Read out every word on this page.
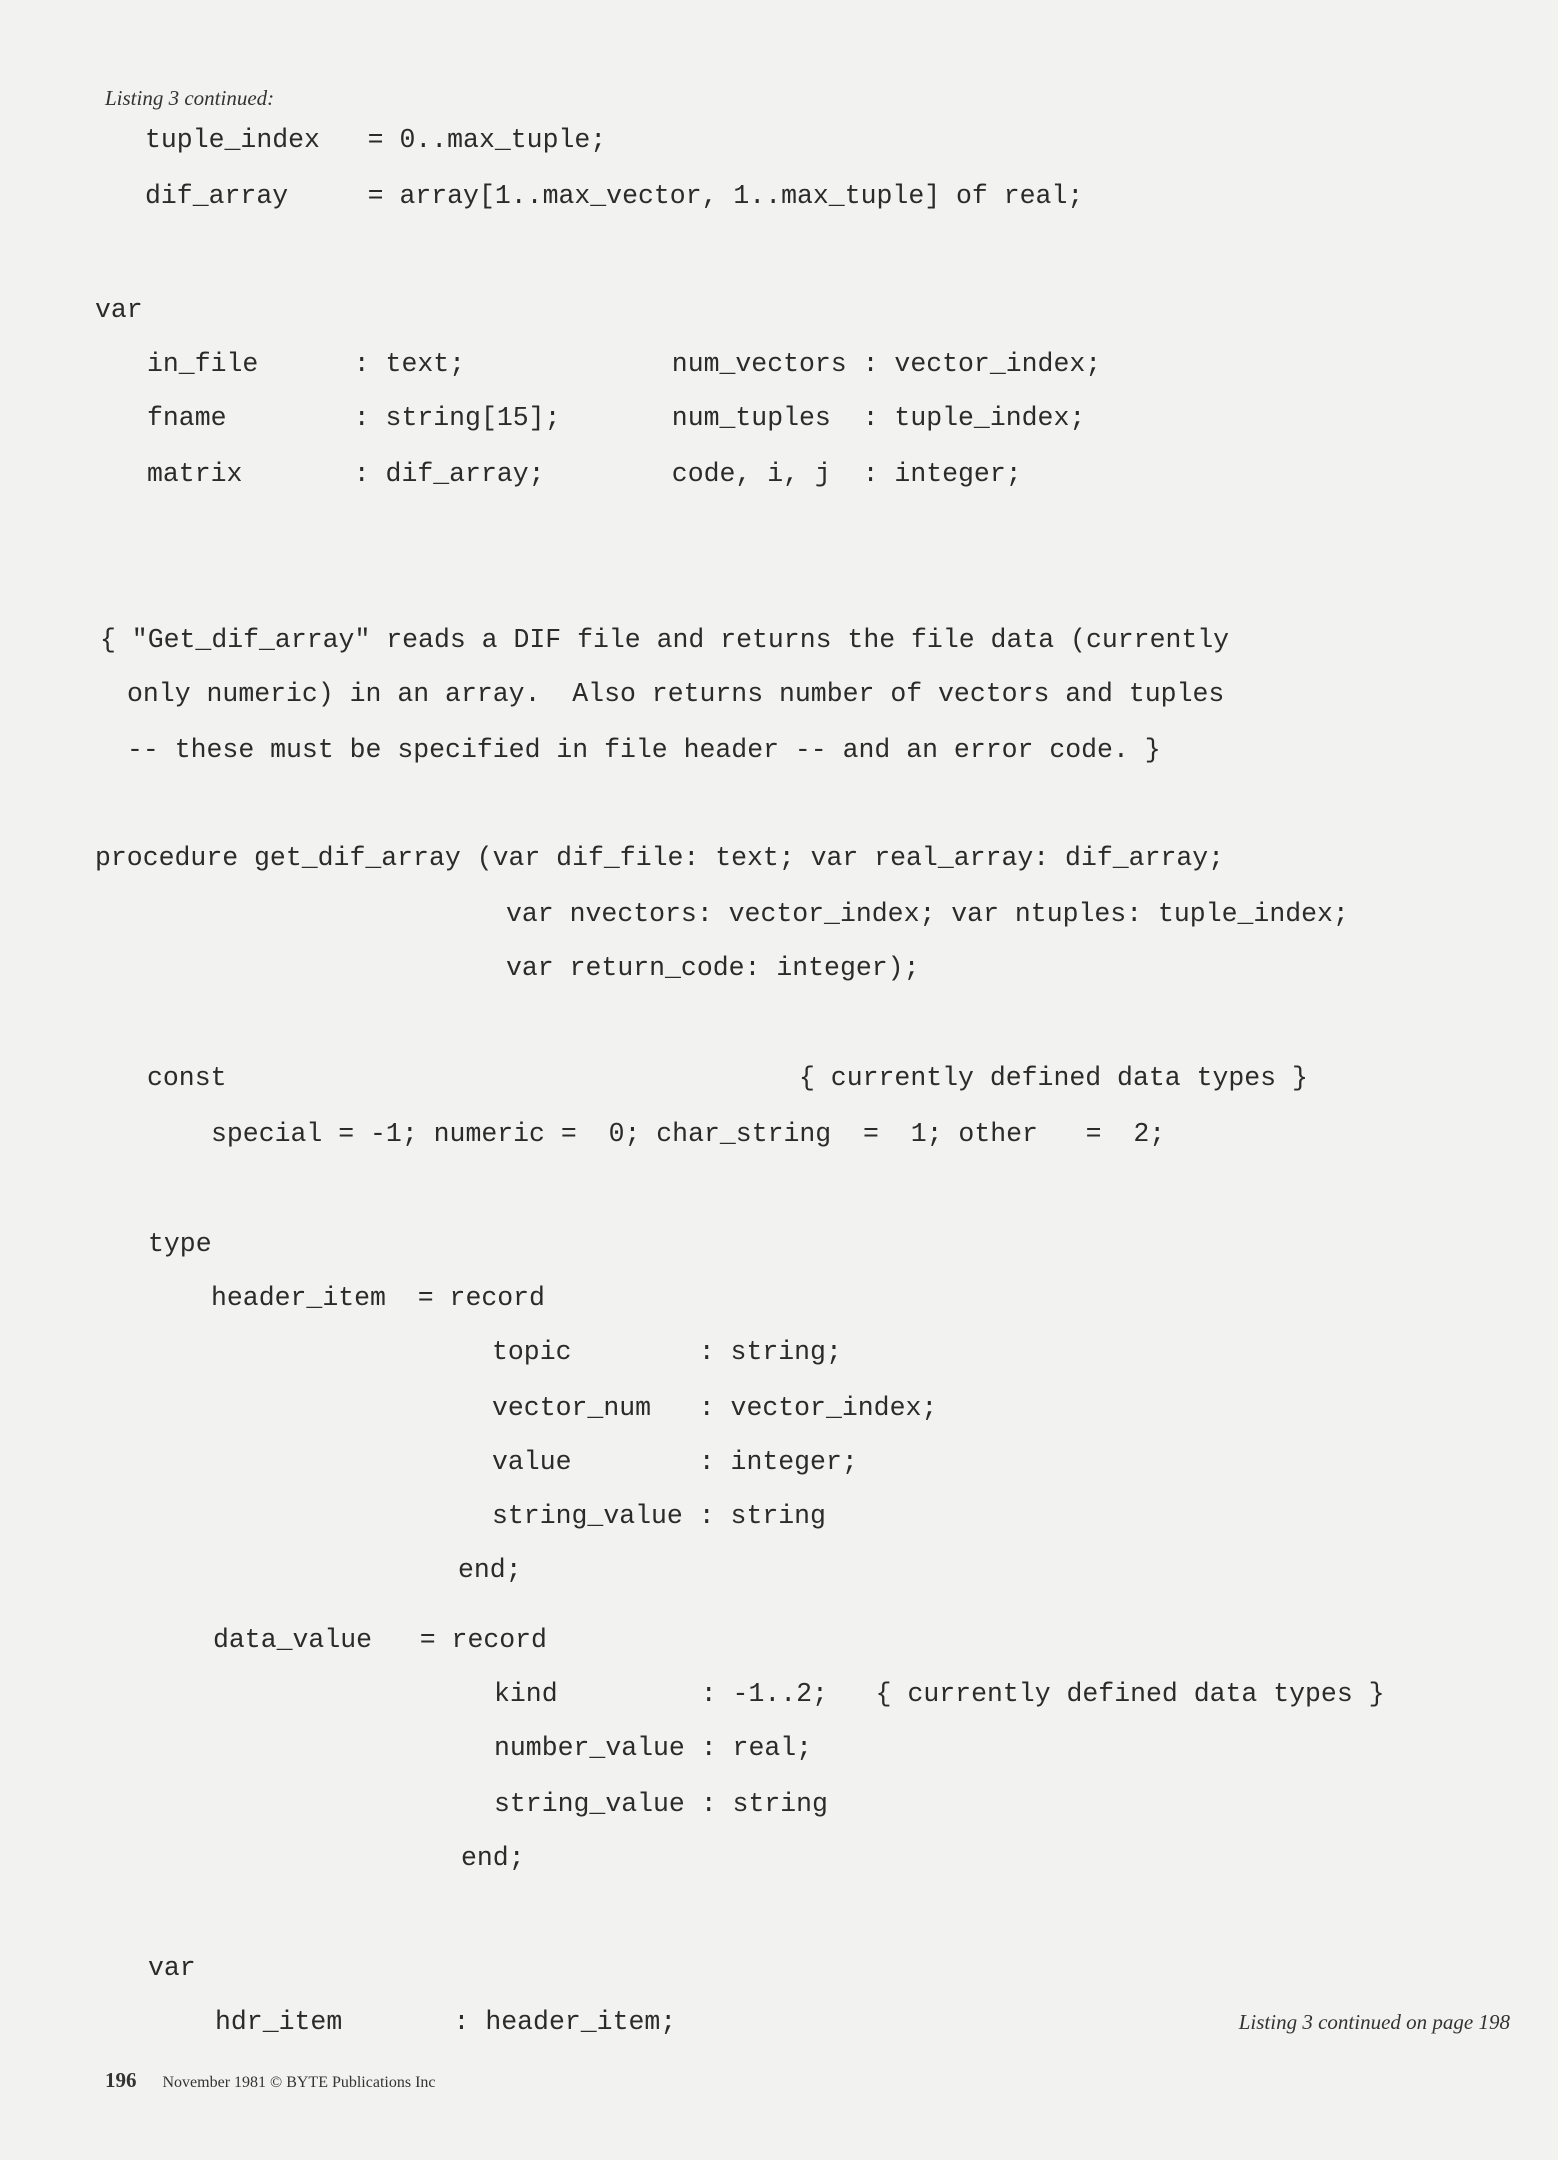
Listing 3 continued:
tuple_index   = 0..max_tuple;
dif_array     = array[1..max_vector, 1..max_tuple] of real;
var
in_file      : text;             num_vectors : vector_index;
fname        : string[15];       num_tuples  : tuple_index;
matrix       : dif_array;        code, i, j  : integer;
{ "Get_dif_array" reads a DIF file and returns the file data (currently
only numeric) in an array.  Also returns number of vectors and tuples
-- these must be specified in file header -- and an error code. }
procedure get_dif_array (var dif_file: text; var real_array: dif_array;
var nvectors: vector_index; var ntuples: tuple_index;
var return_code: integer);
const                                    { currently defined data types }
special = -1; numeric =  0; char_string  =  1; other   =  2;
type
header_item  = record
topic        : string;
vector_num   : vector_index;
value        : integer;
string_value : string
end;
data_value   = record
kind         : -1..2;   { currently defined data types }
number_value : real;
string_value : string
end;
var
hdr_item       : header_item;	Listing 3 continued on page 198
196 November 1981 © BYTE Publications Inc
